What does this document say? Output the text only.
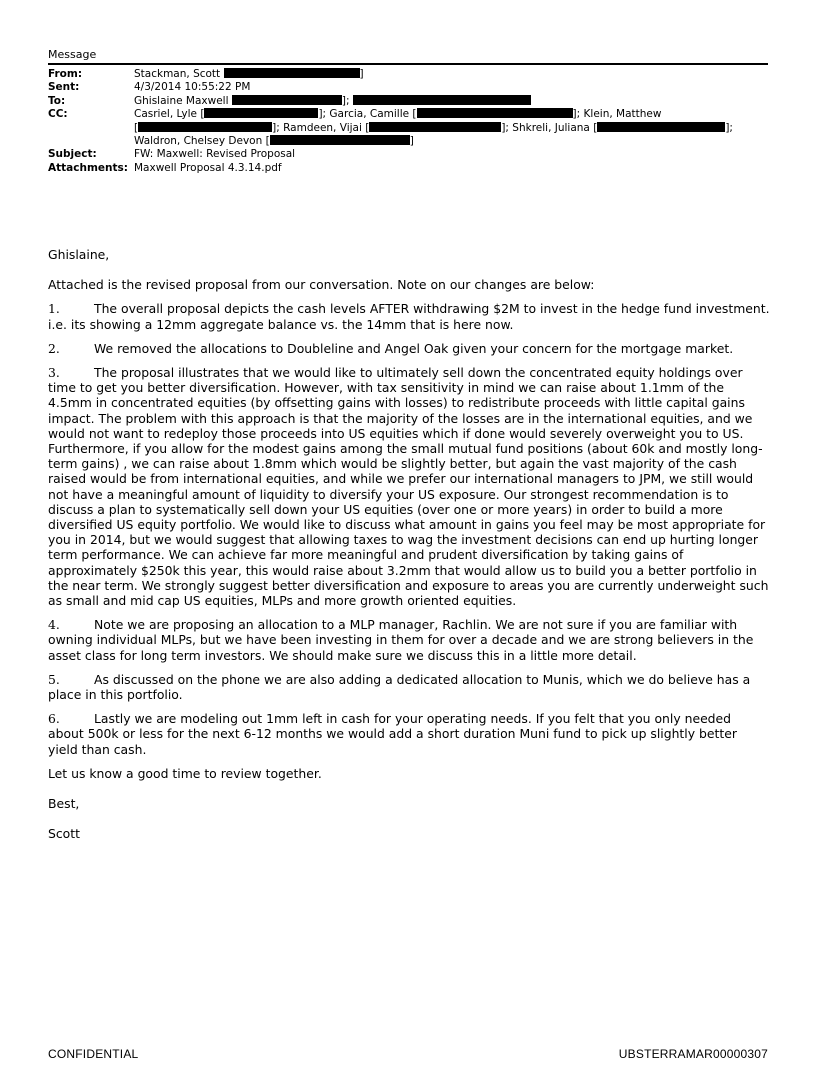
Message
From:	Stackman, Scott	]
Sent:	4/3/2014 10:55:22 PM
To:	Ghislaine Maxwell	];
CC:	Casriel, Lyle [	]; Garcia, Camille [	]; Klein, Matthew
[	]; Ramdeen, Vijai [	]; Shkreli, Juliana [	];
Waldron, Chelsey Devon [	]
Subject:	FW: Maxwell: Revised Proposal
Attachments: Maxwell Proposal 4.3.14.pdf

Ghislaine,

Attached is the revised proposal from our conversation. Note on our changes are below:

1.	The overall proposal depicts the cash levels AFTER withdrawing $2M to invest in the hedge fund investment. i.e. its showing a 12mm aggregate balance vs. the 14mm that is here now.

2.	We removed the allocations to Doubleline and Angel Oak given your concern for the mortgage market.

3.	The proposal illustrates that we would like to ultimately sell down the concentrated equity holdings over time to get you better diversification. However, with tax sensitivity in mind we can raise about 1.1mm of the 4.5mm in concentrated equities (by offsetting gains with losses) to redistribute proceeds with little capital gains impact. The problem with this approach is that the majority of the losses are in the international equities, and we would not want to redeploy those proceeds into US equities which if done would severely overweight you to US. Furthermore, if you allow for the modest gains among the small mutual fund positions (about 60k and mostly long-term gains) , we can raise about 1.8mm which would be slightly better, but again the vast majority of the cash raised would be from international equities, and while we prefer our international managers to JPM, we still would not have a meaningful amount of liquidity to diversify your US exposure. Our strongest recommendation is to discuss a plan to systematically sell down your US equities (over one or more years) in order to build a more diversified US equity portfolio. We would like to discuss what amount in gains you feel may be most appropriate for you in 2014, but we would suggest that allowing taxes to wag the investment decisions can end up hurting longer term performance. We can achieve far more meaningful and prudent diversification by taking gains of approximately $250k this year, this would raise about 3.2mm that would allow us to build you a better portfolio in the near term. We strongly suggest better diversification and exposure to areas you are currently underweight such as small and mid cap US equities, MLPs and more growth oriented equities.

4.	Note we are proposing an allocation to a MLP manager, Rachlin. We are not sure if you are familiar with owning individual MLPs, but we have been investing in them for over a decade and we are strong believers in the asset class for long term investors. We should make sure we discuss this in a little more detail.

5.	As discussed on the phone we are also adding a dedicated allocation to Munis, which we do believe has a place in this portfolio.

6.	Lastly we are modeling out 1mm left in cash for your operating needs. If you felt that you only needed about 500k or less for the next 6-12 months we would add a short duration Muni fund to pick up slightly better yield than cash.

Let us know a good time to review together.

Best,

Scott

CONFIDENTIAL	UBSTERRAMAR00000307
